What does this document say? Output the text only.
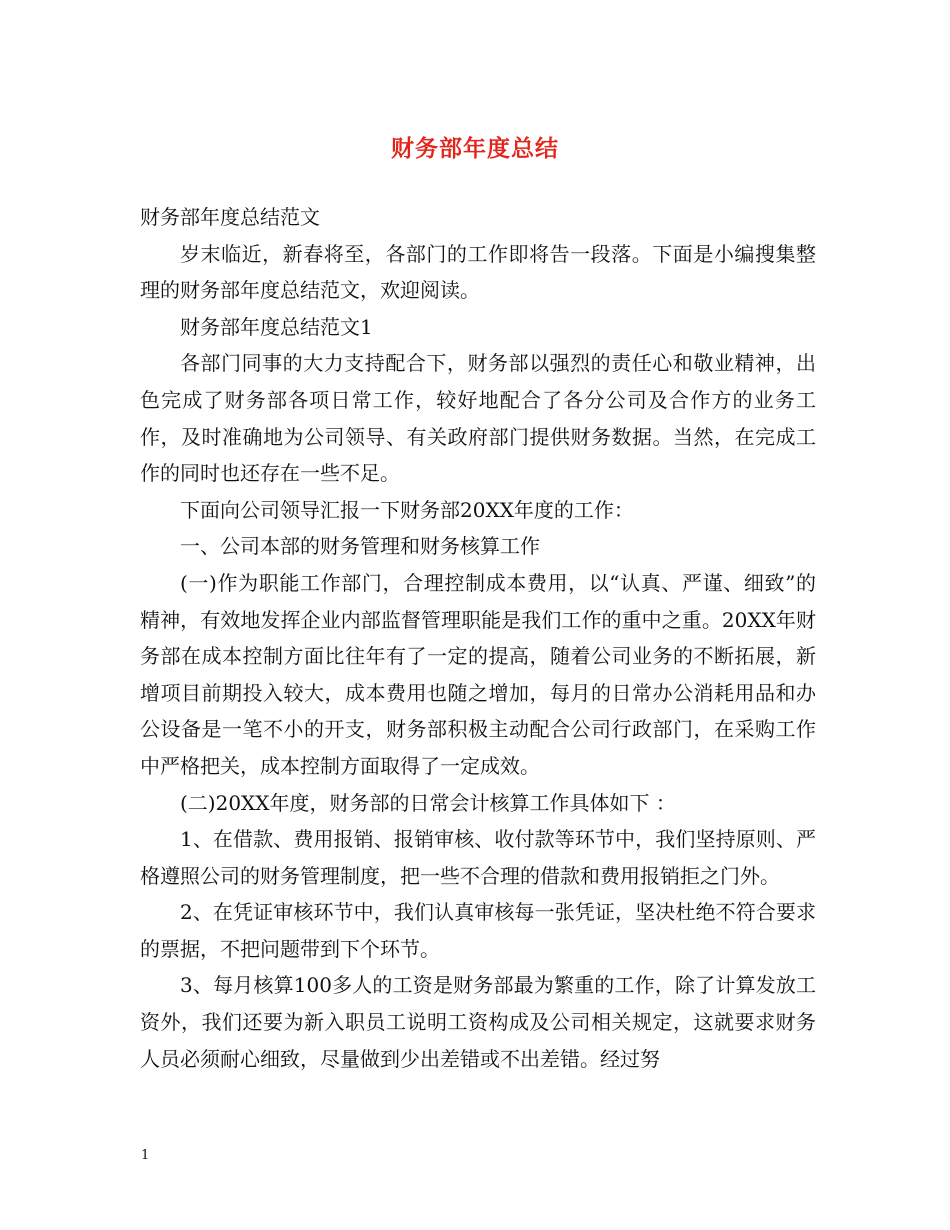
财务部年度总结

财务部年度总结范文

岁末临近，新春将至，各部门的工作即将告一段落。下面是小编搜集整理的财务部年度总结范文，欢迎阅读。

财务部年度总结范文1

各部门同事的大力支持配合下，财务部以强烈的责任心和敬业精神，出色完成了财务部各项日常工作，较好地配合了各分公司及合作方的业务工作，及时准确地为公司领导、有关政府部门提供财务数据。当然，在完成工作的同时也还存在一些不足。

下面向公司领导汇报一下财务部20XX年度的工作：

一、公司本部的财务管理和财务核算工作

(一)作为职能工作部门，合理控制成本费用，以“认真、严谨、细致”的精神，有效地发挥企业内部监督管理职能是我们工作的重中之重。20XX年财务部在成本控制方面比往年有了一定的提高，随着公司业务的不断拓展，新增项目前期投入较大，成本费用也随之增加，每月的日常办公消耗用品和办公设备是一笔不小的开支，财务部积极主动配合公司行政部门，在采购工作中严格把关，成本控制方面取得了一定成效。

(二)20XX年度，财务部的日常会计核算工作具体如下 ：

1、在借款、费用报销、报销审核、收付款等环节中，我们坚持原则、严格遵照公司的财务管理制度，把一些不合理的借款和费用报销拒之门外。

2、在凭证审核环节中，我们认真审核每一张凭证，坚决杜绝不符合要求的票据，不把问题带到下个环节。

3、每月核算100多人的工资是财务部最为繁重的工作，除了计算发放工资外，我们还要为新入职员工说明工资构成及公司相关规定，这就要求财务人员必须耐心细致，尽量做到少出差错或不出差错。经过努

1
